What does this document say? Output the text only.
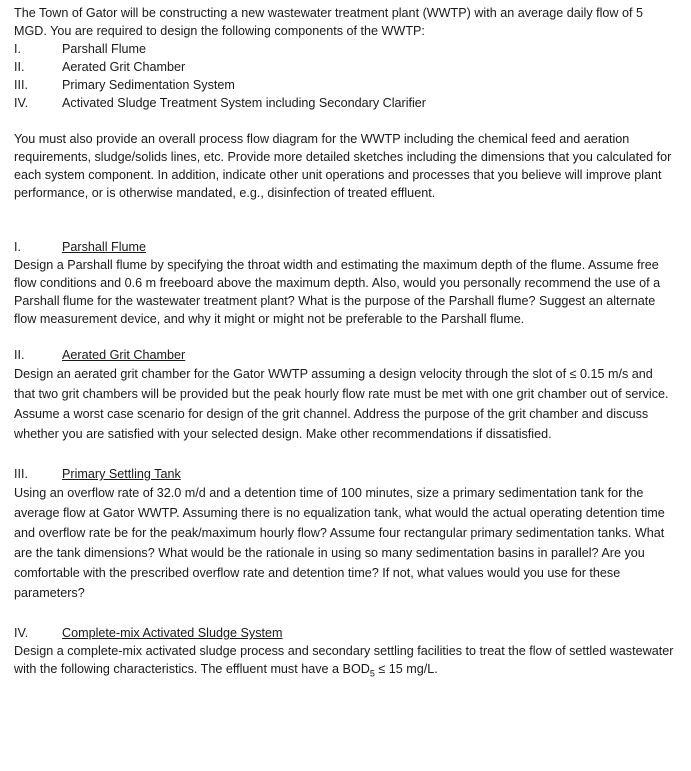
The Town of Gator will be constructing a new wastewater treatment plant (WWTP) with an average daily flow of 5 MGD. You are required to design the following components of the WWTP:

I.	Parshall Flume
II.	Aerated Grit Chamber
III.	Primary Sedimentation System
IV.	Activated Sludge Treatment System including Secondary Clarifier

You must also provide an overall process flow diagram for the WWTP including the chemical feed and aeration requirements, sludge/solids lines, etc. Provide more detailed sketches including the dimensions that you calculated for each system component. In addition, indicate other unit operations and processes that you believe will improve plant performance, or is otherwise mandated, e.g., disinfection of treated effluent.

I.	Parshall Flume

Design a Parshall flume by specifying the throat width and estimating the maximum depth of the flume. Assume free flow conditions and 0.6 m freeboard above the maximum depth. Also, would you personally recommend the use of a Parshall flume for the wastewater treatment plant? What is the purpose of the Parshall flume? Suggest an alternate flow measurement device, and why it might or might not be preferable to the Parshall flume.

II.	Aerated Grit Chamber

Design an aerated grit chamber for the Gator WWTP assuming a design velocity through the slot of ≤ 0.15 m/s and that two grit chambers will be provided but the peak hourly flow rate must be met with one grit chamber out of service. Assume a worst case scenario for design of the grit channel. Address the purpose of the grit chamber and discuss whether you are satisfied with your selected design. Make other recommendations if dissatisfied.

III.	Primary Settling Tank

Using an overflow rate of 32.0 m/d and a detention time of 100 minutes, size a primary sedimentation tank for the average flow at Gator WWTP. Assuming there is no equalization tank, what would the actual operating detention time and overflow rate be for the peak/maximum hourly flow? Assume four rectangular primary sedimentation tanks. What are the tank dimensions? What would be the rationale in using so many sedimentation basins in parallel? Are you comfortable with the prescribed overflow rate and detention time? If not, what values would you use for these parameters?

IV.	Complete-mix Activated Sludge System

Design a complete-mix activated sludge process and secondary settling facilities to treat the flow of settled wastewater with the following characteristics. The effluent must have a $BOD_5 \le 15$ mg/L.
